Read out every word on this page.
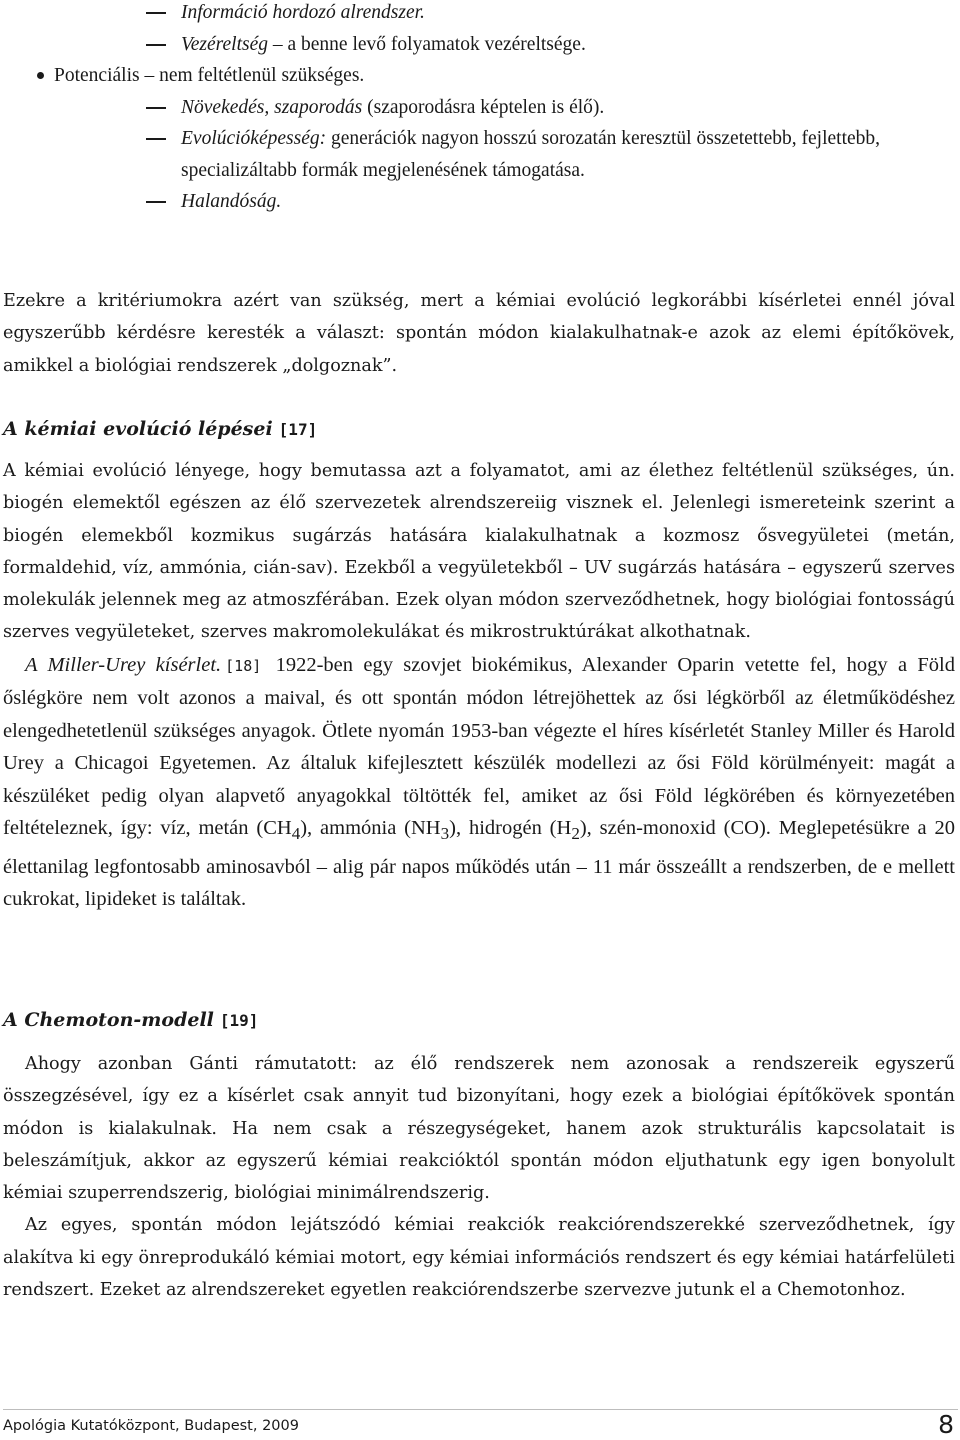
Információ hordozó alrendszer.
Vezéreltség – a benne levő folyamatok vezéreltsége.
Potenciális – nem feltétlenül szükséges.
Növekedés, szaporodás (szaporodásra képtelen is élő).
Evolúcióképesség: generációk nagyon hosszú sorozatán keresztül összetettebb, fejlettebb, specializáltabb formák megjelenésének támogatása.
Halandóság.

Ezekre a kritériumokra azért van szükség, mert a kémiai evolúció legkorábbi kísérletei ennél jóval egyszerűbb kérdésre keresték a választ: spontán módon kialakulhatnak-e azok az elemi építőkövek, amikkel a biológiai rendszerek „dolgoznak”.

A kémiai evolúció lépései [17]

A kémiai evolúció lényege, hogy bemutassa azt a folyamatot, ami az élethez feltétlenül szükséges, ún. biogén elemektől egészen az élő szervezetek alrendszereiig visznek el. Jelenlegi ismereteink szerint a biogén elemekből kozmikus sugárzás hatására kialakulhatnak a kozmosz ősvegyületei (metán, formaldehid, víz, ammónia, cián-sav). Ezekből a vegyületekből – UV sugárzás hatására – egyszerű szerves molekulák jelennek meg az atmoszférában. Ezek olyan módon szerveződhetnek, hogy biológiai fontosságú szerves vegyületeket, szerves makromolekulákat és mikrostruktúrákat alkothatnak.

A Miller-Urey kísérlet. [18] 1922-ben egy szovjet biokémikus, Alexander Oparin vetette fel, hogy a Föld őslégköre nem volt azonos a maival, és ott spontán módon létrejöhettek az ősi légkörből az életműködéshez elengedhetetlenül szükséges anyagok. Ötlete nyomán 1953-ban végezte el híres kísérletét Stanley Miller és Harold Urey a Chicagoi Egyetemen. Az általuk kifejlesztett készülék modellezi az ősi Föld körülményeit: magát a készüléket pedig olyan alapvető anyagokkal töltötték fel, amiket az ősi Föld légkörében és környezetében feltételeznek, így: víz, metán $(CH_4)$, ammónia $(NH_3)$, hidrogén $(H_2)$, szén-monoxid (CO). Meglepetésükre a 20 élettanilag legfontosabb aminosavból – alig pár napos működés után – 11 már összeállt a rendszerben, de e mellett cukrokat, lipideket is találtak.

A Chemoton-modell [19]

Ahogy azonban Gánti rámutatott: az élő rendszerek nem azonosak a rendszereik egyszerű összegzésével, így ez a kísérlet csak annyit tud bizonyítani, hogy ezek a biológiai építőkövek spontán módon is kialakulnak. Ha nem csak a részegységeket, hanem azok strukturális kapcsolatait is beleszámítjuk, akkor az egyszerű kémiai reakcióktól spontán módon eljuthatunk egy igen bonyolult kémiai szuperrendszerig, biológiai minimálrendszerig.

Az egyes, spontán módon lejátszódó kémiai reakciók reakciórendszerekké szerveződhetnek, így alakítva ki egy önreprodukáló kémiai motort, egy kémiai információs rendszert és egy kémiai határfelületi rendszert. Ezeket az alrendszereket egyetlen reakciórendszerbe szervezve jutunk el a Chemotonhoz.

Apológia Kutatóközpont, Budapest, 2009	8
